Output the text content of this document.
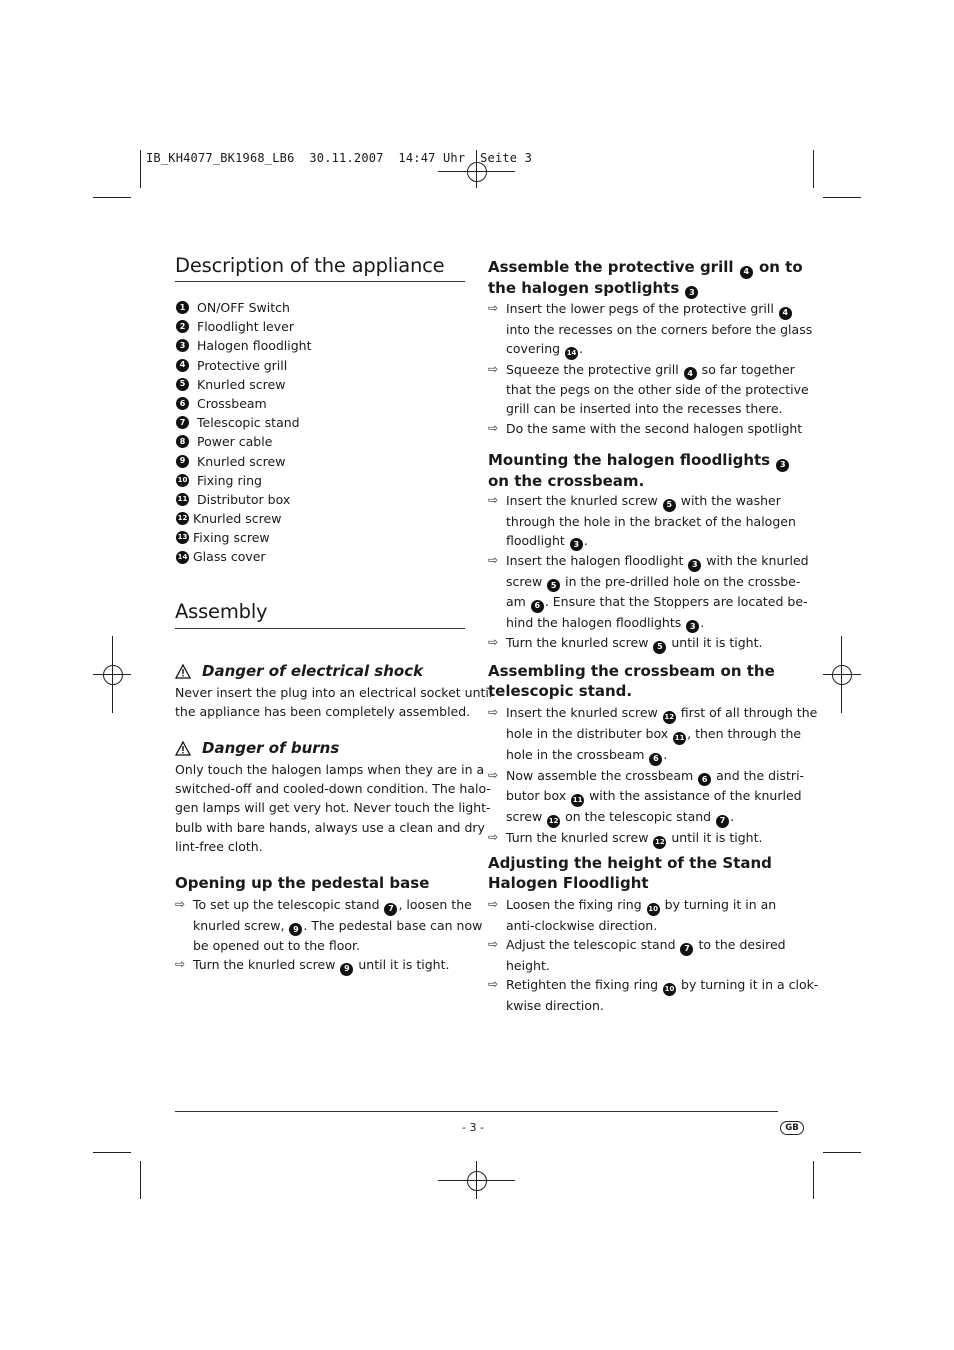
IB_KH4077_BK1968_LB6  30.11.2007  14:47 Uhr  Seite 3
Description of the appliance
1 ON/OFF Switch
2 Floodlight lever
3 Halogen floodlight
4 Protective grill
5 Knurled screw
6 Crossbeam
7 Telescopic stand
8 Power cable
9 Knurled screw
10 Fixing ring
11 Distributor box
12 Knurled screw
13 Fixing screw
14 Glass cover
Assembly
Danger of electrical shock
Never insert the plug into an electrical socket until
the appliance has been completely assembled.
Danger of burns
Only touch the halogen lamps when they are in a
switched-off and cooled-down condition. The halo-
gen lamps will get very hot. Never touch the light-
bulb with bare hands, always use a clean and dry
lint-free cloth.
Opening up the pedestal base
⇨ To set up the telescopic stand 7 , loosen the
knurled screw, 9 . The pedestal base can now
be opened out to the floor.
⇨ Turn the knurled screw 9 until it is tight.
Assemble the protective grill 4 on to
the halogen spotlights 3
⇨ Insert the lower pegs of the protective grill 4
into the recesses on the corners before the glass
covering 14 .
⇨ Squeeze the protective grill 4 so far together
that the pegs on the other side of the protective
grill can be inserted into the recesses there.
⇨ Do the same with the second halogen spotlight
Mounting the halogen floodlights 3
on the crossbeam.
⇨ Insert the knurled screw 5 with the washer
through the hole in the bracket of the halogen
floodlight 3 .
⇨ Insert the halogen floodlight 3 with the knurled
screw 5 in the pre-drilled hole on the crossbe-
am 6 . Ensure that the Stoppers are located be-
hind the halogen floodlights 3 .
⇨ Turn the knurled screw 5 until it is tight.
Assembling the crossbeam on the
telescopic stand.
⇨ Insert the knurled screw 12 first of all through the
hole in the distributer box 11 , then through the
hole in the crossbeam 6 .
⇨ Now assemble the crossbeam 6 and the distri-
butor box 11 with the assistance of the knurled
screw 12 on the telescopic stand 7 .
⇨ Turn the knurled screw 12 until it is tight.
Adjusting the height of the Stand
Halogen Floodlight
⇨ Loosen the fixing ring 10 by turning it in an
anti-clockwise direction.
⇨ Adjust the telescopic stand 7 to the desired
height.
⇨ Retighten the fixing ring 10 by turning it in a clok-
kwise direction.
- 3 -	GB
